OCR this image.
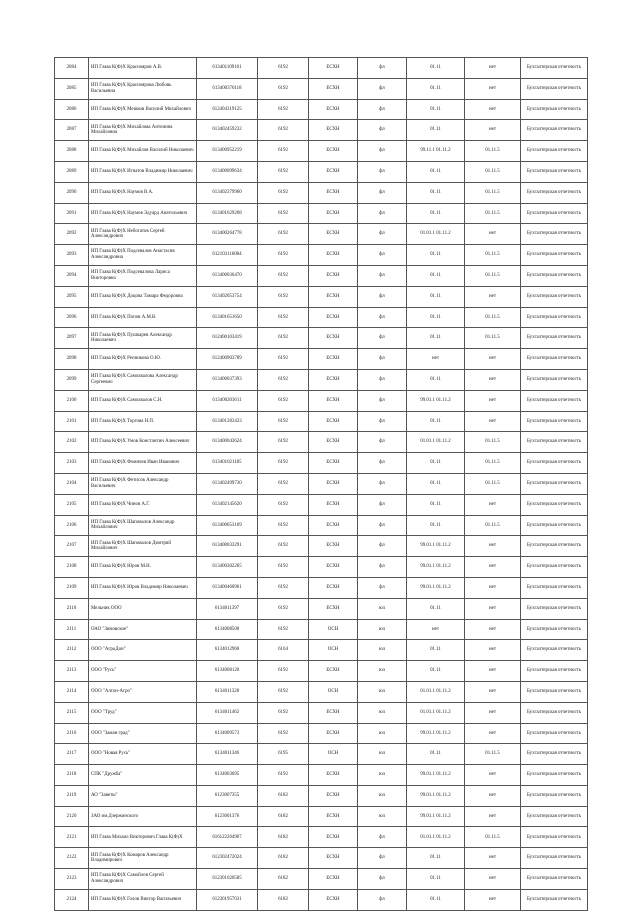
2084	ИП Глава К(Ф)Х Краснояров А.В.	613401109161	6192	ЕСХН	фл	01.11	нет	Бухгалтерская отчетность
2085	ИП Глава К(Ф)Х Красноярова Любовь Васильевна	613400376118	6192	ЕСХН	фл	01.11	нет	Бухгалтерская отчетность
2086	ИП Глава К(Ф)Х Мешков Василий Михайлович	612404319125	6192	ЕСХН	фл	01.11	нет	Бухгалтерская отчетность
2087	ИП Глава К(Ф)Х Михайлова Антонина Михайловна	613402459232	6192	ЕСХН	фл	01.11	нет	Бухгалтерская отчетность
2088	ИП Глава К(Ф)Х Михайлов Василий Николаевич	613400952219	6192	ЕСХН	фл	99.11.1 01.11.2	01.11.5	Бухгалтерская отчетность
2089	ИП Глава К(Ф)Х Игнатов Владимир Николаевич	613400099634	6192	ЕСХН	фл	01.11	01.11.5	Бухгалтерская отчетность
2090	ИП Глава К(Ф)Х Наумов В.А.	613402379960	6192	ЕСХН	фл	01.11	01.11.5	Бухгалтерская отчетность
2091	ИП Глава К(Ф)Х Наумов Эдуард Анатольевич	613401629268	6192	ЕСХН	фл	01.11	01.11.5	Бухгалтерская отчетность
2092	ИП Глава К(Ф)Х Небогатов Сергей Александрович	613400264778	6192	ЕСХН	фл	01.01.1 01.11.2	нет	Бухгалтерская отчетность
2093	ИП Глава К(Ф)Х Подсевалов Анастасия Александровна	612103116084	6192	ЕСХН	фл	01.11	01.11.5	Бухгалтерская отчетность
2094	ИП Глава К(Ф)Х Подсевалова Лариса Викторовна	613400036470	6192	ЕСХН	фл	01.11	01.11.5	Бухгалтерская отчетность
2095	ИП Глава К(Ф)Х Доцова Тамара Федоровна	613402053754	6192	ЕСХН	фл	01.11	нет	Бухгалтерская отчетность
2096	ИП Глава К(Ф)Х Попов А.М.В.	613401651650	6192	ЕСХН	фл	01.11	01.11.5	Бухгалтерская отчетность
2097	ИП Глава К(Ф)Х Пушкарев Александр Николаевич	612400103419	6192	ЕСХН	фл	01.11	01.11.5	Бухгалтерская отчетность
2098	ИП Глава К(Ф)Х Репникова О.Ю.	612400903789	6192	ЕСХН	фл	нет	нет	Бухгалтерская отчетность
2099	ИП Глава К(Ф)Х Самохвалова Александр Сергеевич	613400037393	6192	ЕСХН	фл	01.11	нет	Бухгалтерская отчетность
2100	ИП Глава К(Ф)Х Самохвалов С.Н.	613400203611	6192	ЕСХН	фл	99.01.1 01.11.2	нет	Бухгалтерская отчетность
2101	ИП Глава К(Ф)Х Торгова Н.П.	613401283433	6192	ЕСХН	фл	01.11	нет	Бухгалтерская отчетность
2102	ИП Глава К(Ф)Х Умов Константин Алексеевич	613400043624	6192	ЕСХН	фл	01.01.1 01.11.2	01.11.5	Бухгалтерская отчетность
2103	ИП Глава К(Ф)Х Фомичев Иван Иванович	613401021185	6192	ЕСХН	фл	01.11	01.11.5	Бухгалтерская отчетность
2104	ИП Глава К(Ф)Х Фетисов Александр Васильевич	613402499730	6192	ЕСХН	фл	01.11	01.11.5	Бухгалтерская отчетность
2105	ИП Глава К(Ф)Х Чинов А.Г.	613402145620	6192	ЕСХН	фл	01.11	нет	Бухгалтерская отчетность
2106	ИП Глава К(Ф)Х Шаповалов Александр Михайлович	613400653169	6192	ЕСХН	фл	01.11	01.11.5	Бухгалтерская отчетность
2107	ИП Глава К(Ф)Х Шаповалов Дмитрий Михайлович	613400033291	6192	ЕСХН	фл	99.01.1 01.11.2	нет	Бухгалтерская отчетность
2108	ИП Глава К(Ф)Х Юров М.Н.	613400302265	6192	ЕСХН	фл	99.01.1 01.11.2	нет	Бухгалтерская отчетность
2109	ИП Глава К(Ф)Х Юров Владимир Николаевич	613400460961	6192	ЕСХН	фл	99.01.1 01.11.2	нет	Бухгалтерская отчетность
2110	Мельник ООО	6134011397	6192	ЕСХН	юл	01.11	нет	Бухгалтерская отчетность
2111	ОАО "Зимовское"	6134008500	6192	ОСН	юл	нет	нет	Бухгалтерская отчетность
2112	ООО "АгроДон"	6134012960	6164	ОСН	юл	01.11	нет	Бухгалтерская отчетность
2113	ООО "Русь"	6134008120	6192	ЕСХН	юл	01.11	нет	Бухгалтерская отчетность
2114	ООО "Алтон-Агро"	6134011328	6192	ОСН	юл	01.01.1 01.11.2	нет	Бухгалтерская отчетность
2115	ООО "Труд"	6134011462	6192	ЕСХН	юл	01.01.1 01.11.2	нет	Бухгалтерская отчетность
2116	ООО "Заман град"	6134009573	6192	ЕСХН	юл	99.01.1 01.11.2	нет	Бухгалтерская отчетность
2117	ООО "Новая Русь"	6134011346	6195	ОСН	юл	01.11	01.11.5	Бухгалтерская отчетность
2118	СПК "Дружба"	6134003695	6192	ЕСХН	юл	99.01.1 01.11.2	нет	Бухгалтерская отчетность
2119	АО "Заветы"	6123007355	6182	ЕСХН	юл	99.01.1 01.11.2	нет	Бухгалтерская отчетность
2120	ЗАО им.Дзержинского	6123001376	6182	ЕСХН	юл	99.01.1 01.11.2	нет	Бухгалтерская отчетность
2121	ИП Глава Михаил Викторович Глава К(Ф)Х	616122264967	6182	ЕСХН	фл	01.01.1 01.11.2	01.11.5	Бухгалтерская отчетность
2122	ИП Глава К(Ф)Х Комаров Александр Владимирович	612302472024	6182	ЕСХН	фл	01.11	нет	Бухгалтерская отчетность
2123	ИП Глава К(Ф)Х Самойлов Сергей Александрович	612301020585	6182	ЕСХН	фл	01.11	нет	Бухгалтерская отчетность
2124	ИП Глава К(Ф)Х Голов Виктор Васильевич	612301957031	6182	ЕСХН	фл	01.11	нет	Бухгалтерская отчетность
